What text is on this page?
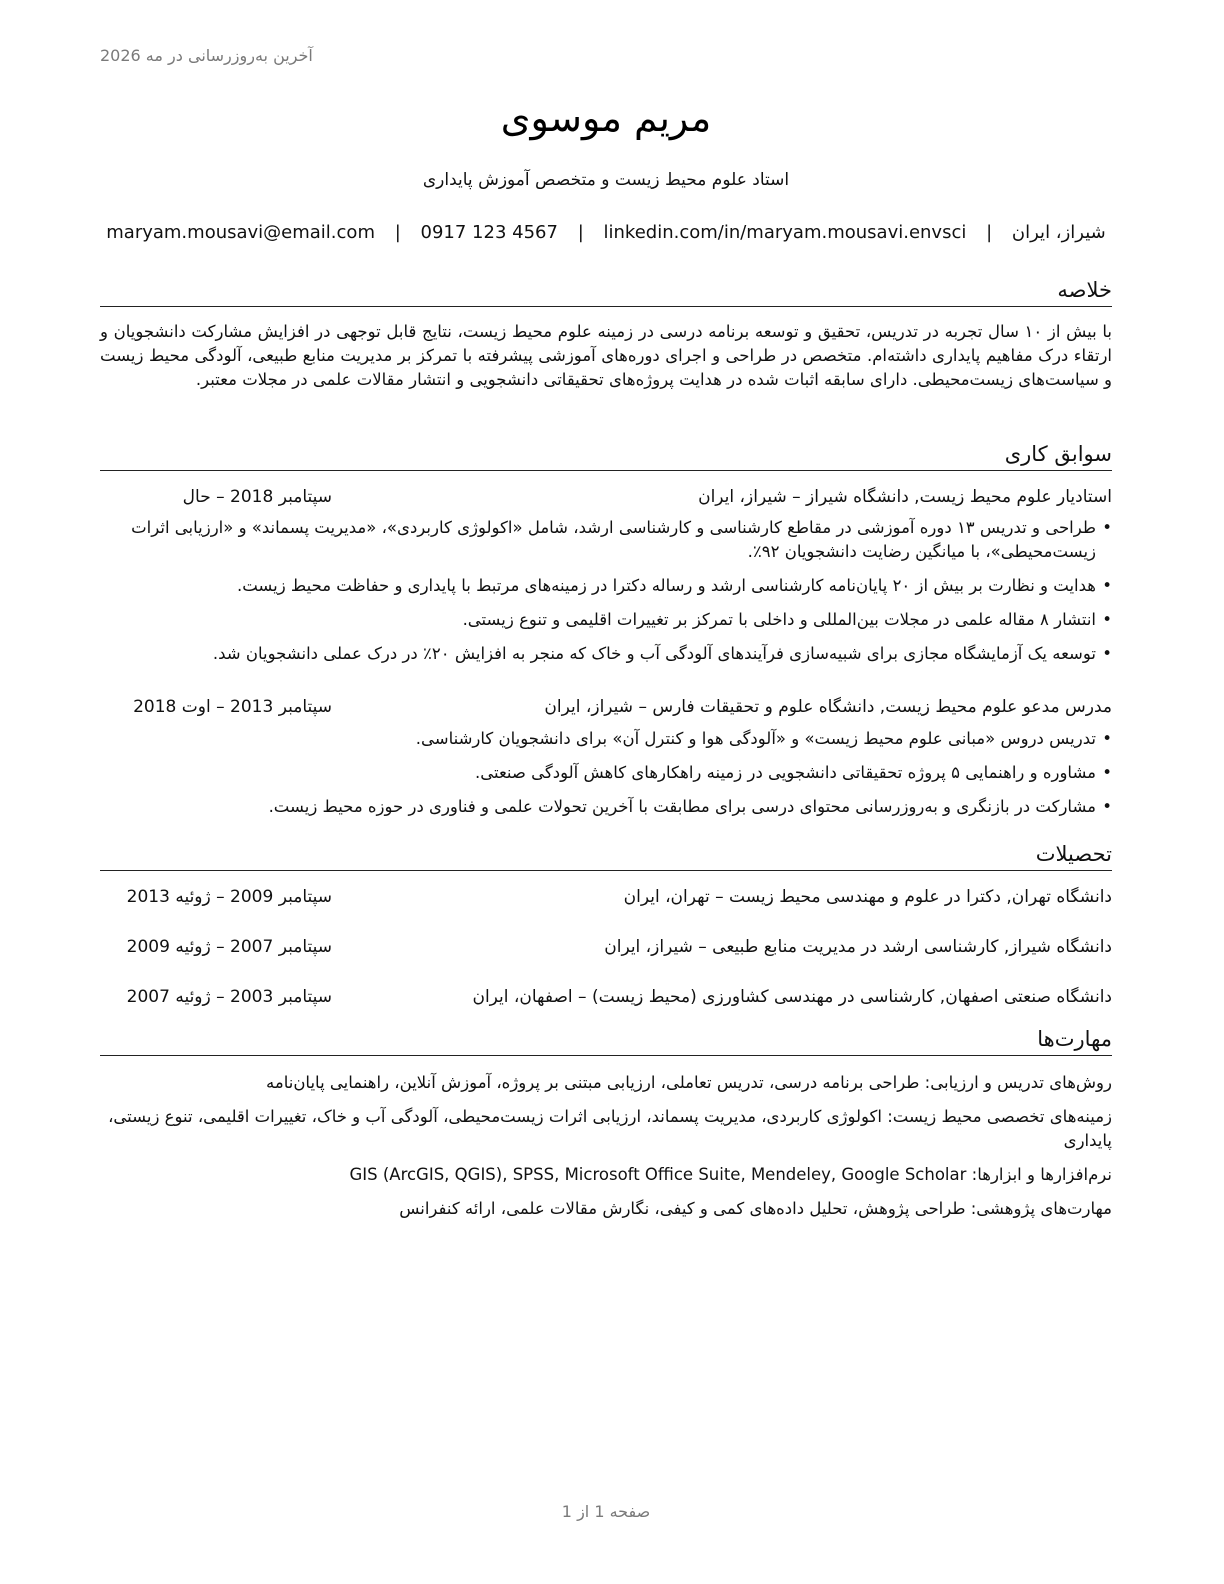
آخرین به‌روزرسانی در مه 2026
مریم موسوی
استاد علوم محیط زیست و متخصص آموزش پایداری
شیراز، ایران | maryam.mousavi@email.com | 0917 123 4567 | linkedin.com/in/maryam.mousavi.envsci
خلاصه
با بیش از ۱۰ سال تجربه در تدریس، تحقیق و توسعه برنامه درسی در زمینه علوم محیط زیست، نتایج قابل توجهی در افزایش مشارکت دانشجویان و ارتقاء درک مفاهیم پایداری داشته‌ام. متخصص در طراحی و اجرای دوره‌های آموزشی پیشرفته با تمرکز بر مدیریت منابع طبیعی، آلودگی محیط زیست و سیاست‌های زیست‌محیطی. دارای سابقه اثبات شده در هدایت پروژه‌های تحقیقاتی دانشجویی و انتشار مقالات علمی در مجلات معتبر.
سوابق کاری
استادیار علوم محیط زیست, دانشگاه شیراز – شیراز، ایران
سپتامبر 2018 – حال
• طراحی و تدریس ۱۳ دوره آموزشی در مقاطع کارشناسی و کارشناسی ارشد، شامل «اکولوژی کاربردی»، «مدیریت پسماند» و «ارزیابی اثرات زیست‌محیطی»، با میانگین رضایت دانشجویان ۹۲٪.
• هدایت و نظارت بر بیش از ۲۰ پایان‌نامه کارشناسی ارشد و رساله دکترا در زمینه‌های مرتبط با پایداری و حفاظت محیط زیست.
• انتشار ۸ مقاله علمی در مجلات بین‌المللی و داخلی با تمرکز بر تغییرات اقلیمی و تنوع زیستی.
• توسعه یک آزمایشگاه مجازی برای شبیه‌سازی فرآیندهای آلودگی آب و خاک که منجر به افزایش ۲۰٪ در درک عملی دانشجویان شد.
مدرس مدعو علوم محیط زیست, دانشگاه علوم و تحقیقات فارس – شیراز، ایران
سپتامبر 2013 – اوت 2018
• تدریس دروس «مبانی علوم محیط زیست» و «آلودگی هوا و کنترل آن» برای دانشجویان کارشناسی.
• مشاوره و راهنمایی ۵ پروژه تحقیقاتی دانشجویی در زمینه راهکارهای کاهش آلودگی صنعتی.
• مشارکت در بازنگری و به‌روزرسانی محتوای درسی برای مطابقت با آخرین تحولات علمی و فناوری در حوزه محیط زیست.
تحصیلات
دانشگاه تهران, دکترا در علوم و مهندسی محیط زیست – تهران، ایران
سپتامبر 2009 – ژوئیه 2013
دانشگاه شیراز, کارشناسی ارشد در مدیریت منابع طبیعی – شیراز، ایران
سپتامبر 2007 – ژوئیه 2009
دانشگاه صنعتی اصفهان, کارشناسی در مهندسی کشاورزی (محیط زیست) – اصفهان، ایران
سپتامبر 2003 – ژوئیه 2007
مهارت‌ها
روش‌های تدریس و ارزیابی: طراحی برنامه درسی، تدریس تعاملی، ارزیابی مبتنی بر پروژه، آموزش آنلاین، راهنمایی پایان‌نامه
زمینه‌های تخصصی محیط زیست: اکولوژی کاربردی، مدیریت پسماند، ارزیابی اثرات زیست‌محیطی، آلودگی آب و خاک، تغییرات اقلیمی، تنوع زیستی، پایداری
نرم‌افزارها و ابزارها: GIS (ArcGIS, QGIS), SPSS, Microsoft Office Suite, Mendeley, Google Scholar
مهارت‌های پژوهشی: طراحی پژوهش، تحلیل داده‌های کمی و کیفی، نگارش مقالات علمی، ارائه کنفرانس
صفحه 1 از 1
